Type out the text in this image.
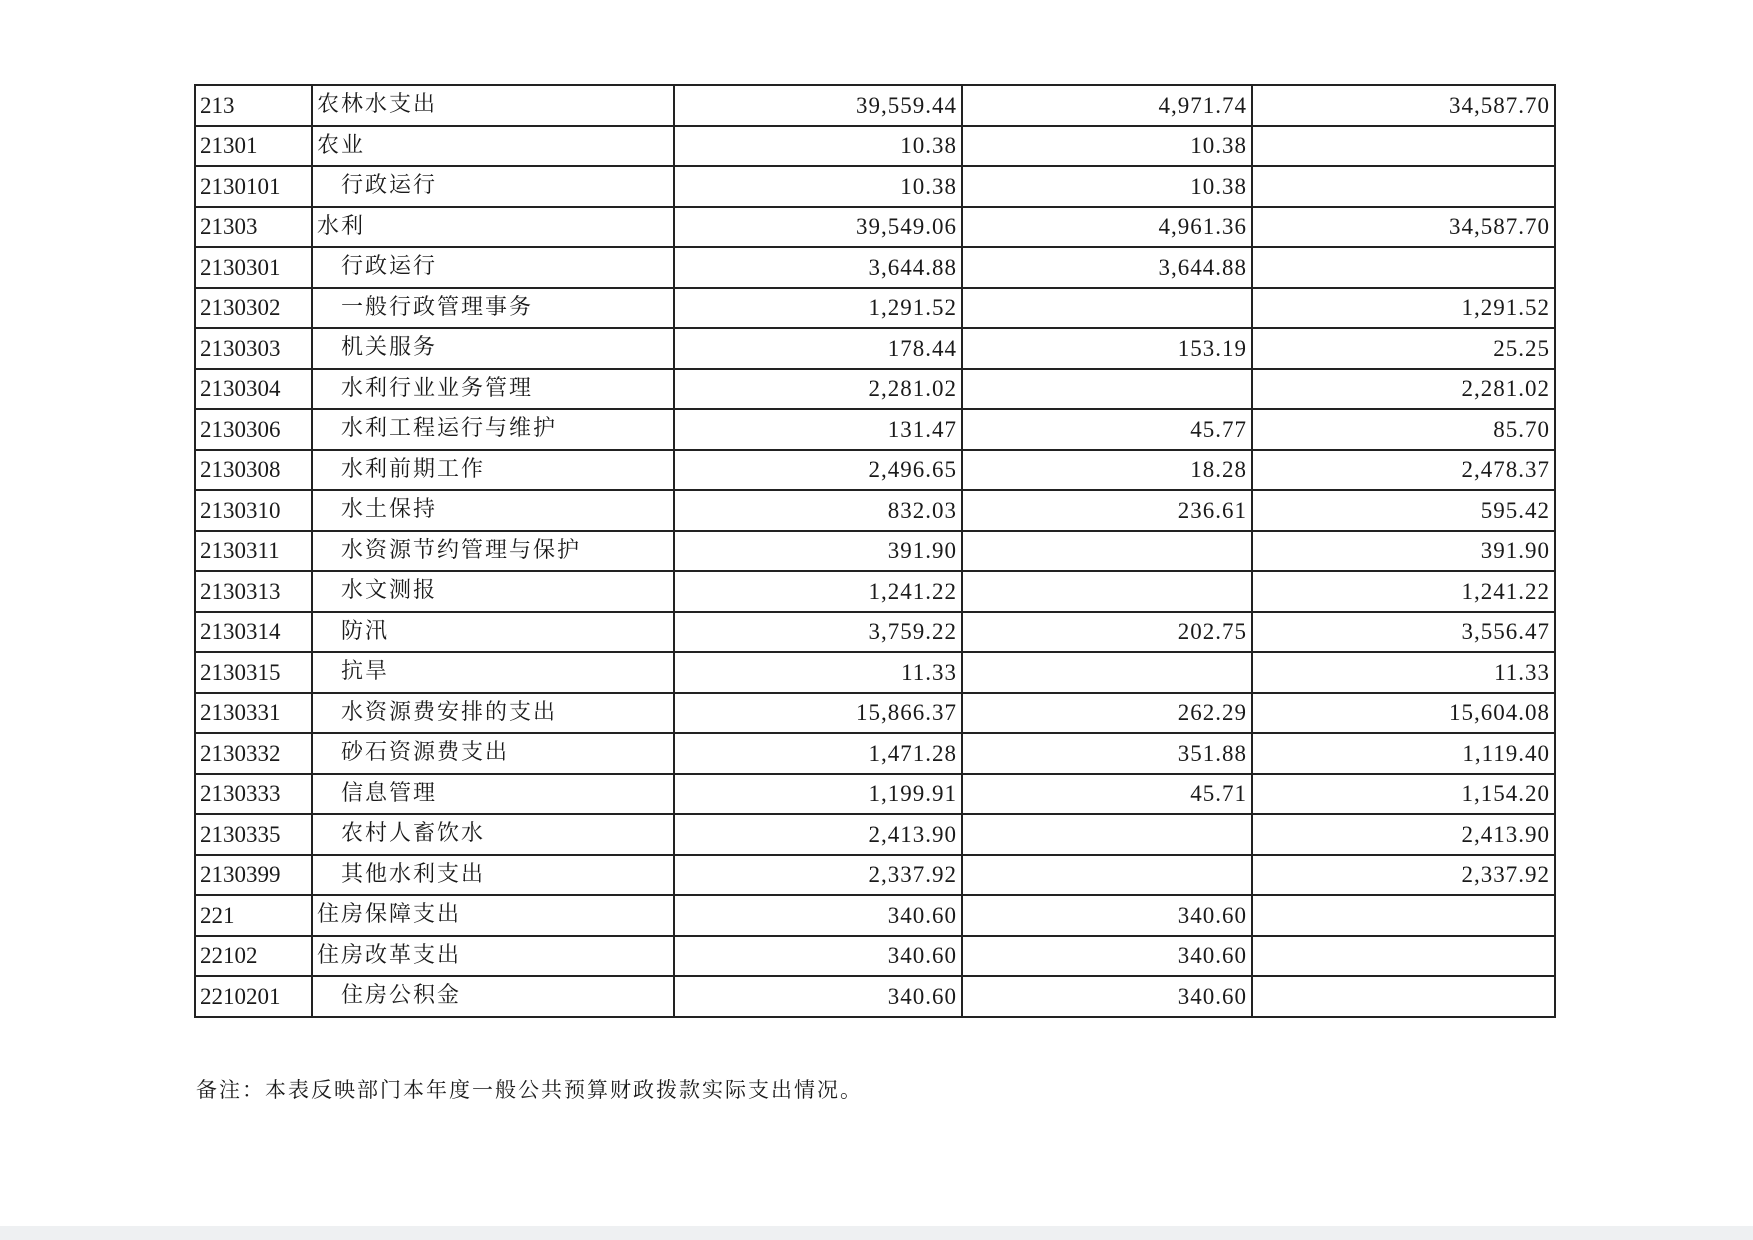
213	农林水支出	39,559.44	4,971.74	34,587.70
21301	农业	10.38	10.38	
2130101	行政运行	10.38	10.38	
21303	水利	39,549.06	4,961.36	34,587.70
2130301	行政运行	3,644.88	3,644.88	
2130302	一般行政管理事务	1,291.52		1,291.52
2130303	机关服务	178.44	153.19	25.25
2130304	水利行业业务管理	2,281.02		2,281.02
2130306	水利工程运行与维护	131.47	45.77	85.70
2130308	水利前期工作	2,496.65	18.28	2,478.37
2130310	水土保持	832.03	236.61	595.42
2130311	水资源节约管理与保护	391.90		391.90
2130313	水文测报	1,241.22		1,241.22
2130314	防汛	3,759.22	202.75	3,556.47
2130315	抗旱	11.33		11.33
2130331	水资源费安排的支出	15,866.37	262.29	15,604.08
2130332	砂石资源费支出	1,471.28	351.88	1,119.40
2130333	信息管理	1,199.91	45.71	1,154.20
2130335	农村人畜饮水	2,413.90		2,413.90
2130399	其他水利支出	2,337.92		2,337.92
221	住房保障支出	340.60	340.60	
22102	住房改革支出	340.60	340.60	
2210201	住房公积金	340.60	340.60	
备注：本表反映部门本年度一般公共预算财政拨款实际支出情况。
